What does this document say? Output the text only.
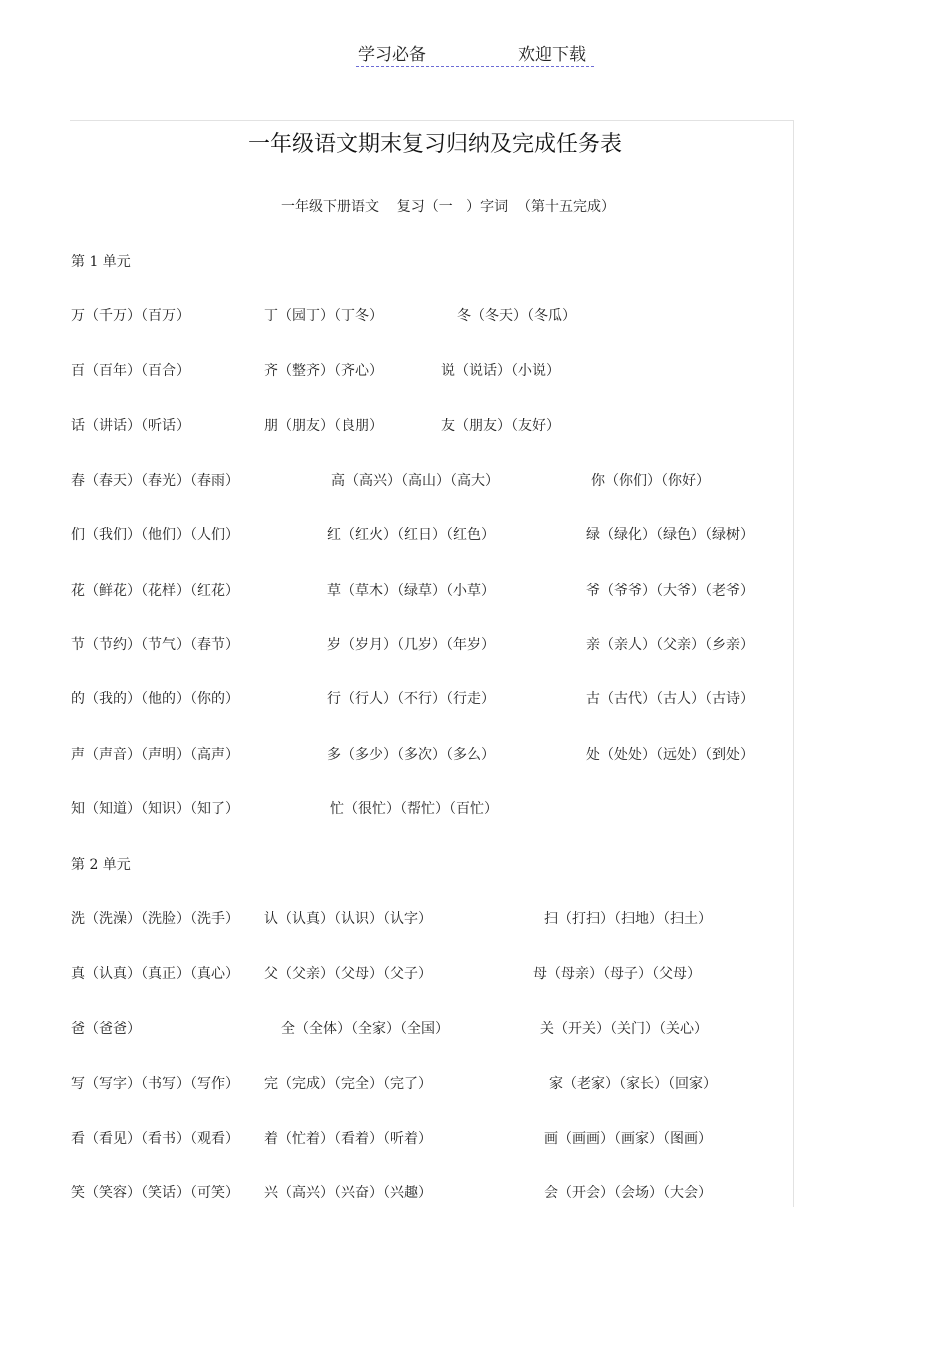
学习必备	欢迎下载
一年级语文期末复习归纳及完成任务表
一年级下册语文    复习（一   ）字词  （第十五完成）
第 1 单元
万（千万）（百万）	丁（园丁）（丁冬）	冬（冬天）（冬瓜）
百（百年）（百合）	齐（整齐）（齐心）	说（说话）（小说）
话（讲话）（听话）	朋（朋友）（良朋）	友（朋友）（友好）
春（春天）（春光）（春雨）	高（高兴）（高山）（高大）	你（你们）（你好）
们（我们）（他们）（人们）	红（红火）（红日）（红色）	绿（绿化）（绿色）（绿树）
花（鲜花）（花样）（红花）	草（草木）（绿草）（小草）	爷（爷爷）（大爷）（老爷）
节（节约）（节气）（春节）	岁（岁月）（几岁）（年岁）	亲（亲人）（父亲）（乡亲）
的（我的）（他的）（你的）	行（行人）（不行）（行走）	古（古代）（古人）（古诗）
声（声音）（声明）（高声）	多（多少）（多次）（多么）	处（处处）（远处）（到处）
知（知道）（知识）（知了）	忙（很忙）（帮忙）（百忙）
第 2 单元
洗（洗澡）（洗脸）（洗手） 认（认真）（认识）（认字）	扫（打扫）（扫地）（扫土）
真（认真）（真正）（真心） 父（父亲）（父母）（父子）	母（母亲）（母子）（父母）
爸（爸爸）	全（全体）（全家）（全国）	关（开关）（关门）（关心）
写（写字）（书写）（写作） 完（完成）（完全）（完了）	家（老家）（家长）（回家）
看（看见）（看书）（观看） 着（忙着）（看着）（听着）	画（画画）（画家）（图画）
笑（笑容）（笑话）（可笑） 兴（高兴）（兴奋）（兴趣）	会（开会）（会场）（大会）
